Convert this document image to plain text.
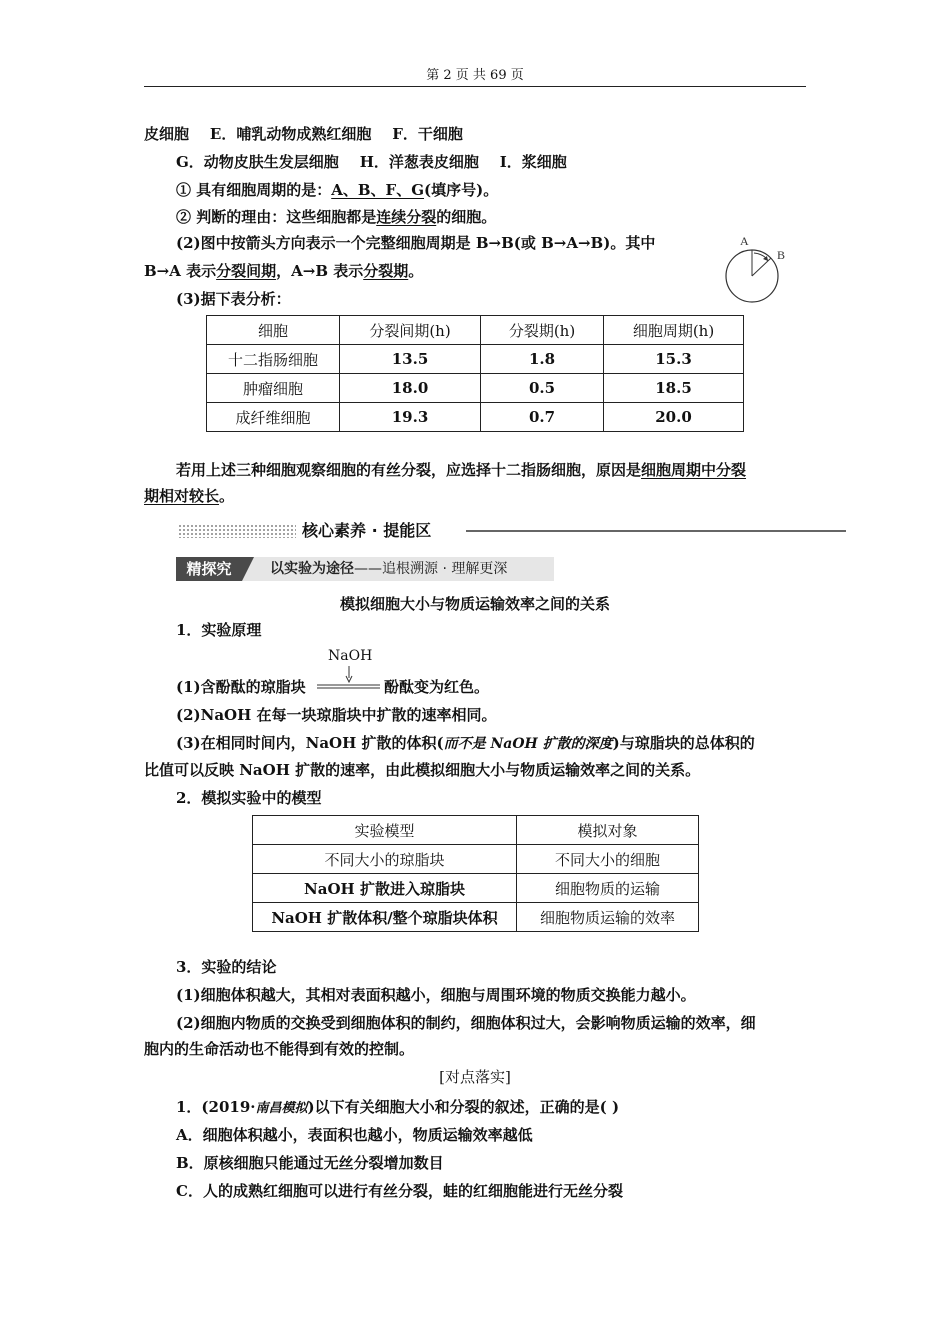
第 2 页 共 69 页
皮细胞 E．哺乳动物成熟红细胞 F．干细胞
G．动物皮肤生发层细胞 H．洋葱表皮细胞 I．浆细胞
① 具有细胞周期的是：A、B、F、G(填序号)。
② 判断的理由：这些细胞都是连续分裂的细胞。
(2)图中按箭头方向表示一个完整细胞周期是 B→B(或 B→A→B)。其中
B→A 表示分裂间期，A→B 表示分裂期。
(3)据下表分析：
A
B
细胞	分裂间期(h)	分裂期(h)	细胞周期(h)
十二指肠细胞	13.5	1.8	15.3
肿瘤细胞	18.0	0.5	18.5
成纤维细胞	19.3	0.7	20.0
若用上述三种细胞观察细胞的有丝分裂，应选择十二指肠细胞，原因是细胞周期中分裂
期相对较长。
核心素养 · 提能区
精探究	以实验为途径——追根溯源 · 理解更深
模拟细胞大小与物质运输效率之间的关系
1．实验原理
NaOH
(1)含酚酞的琼脂块	酚酞变为红色。
(2)NaOH 在每一块琼脂块中扩散的速率相同。
(3)在相同时间内，NaOH 扩散的体积(而不是 NaOH 扩散的深度)与琼脂块的总体积的
比值可以反映 NaOH 扩散的速率，由此模拟细胞大小与物质运输效率之间的关系。
2．模拟实验中的模型
实验模型	模拟对象
不同大小的琼脂块	不同大小的细胞
NaOH 扩散进入琼脂块	细胞物质的运输
NaOH 扩散体积/整个琼脂块体积	细胞物质运输的效率
3．实验的结论
(1)细胞体积越大，其相对表面积越小，细胞与周围环境的物质交换能力越小。
(2)细胞内物质的交换受到细胞体积的制约，细胞体积过大，会影响物质运输的效率，细
胞内的生命活动也不能得到有效的控制。
[对点落实]
1．(2019·南昌模拟)以下有关细胞大小和分裂的叙述，正确的是( )
A．细胞体积越小，表面积也越小，物质运输效率越低
B．原核细胞只能通过无丝分裂增加数目
C．人的成熟红细胞可以进行有丝分裂，蛙的红细胞能进行无丝分裂
